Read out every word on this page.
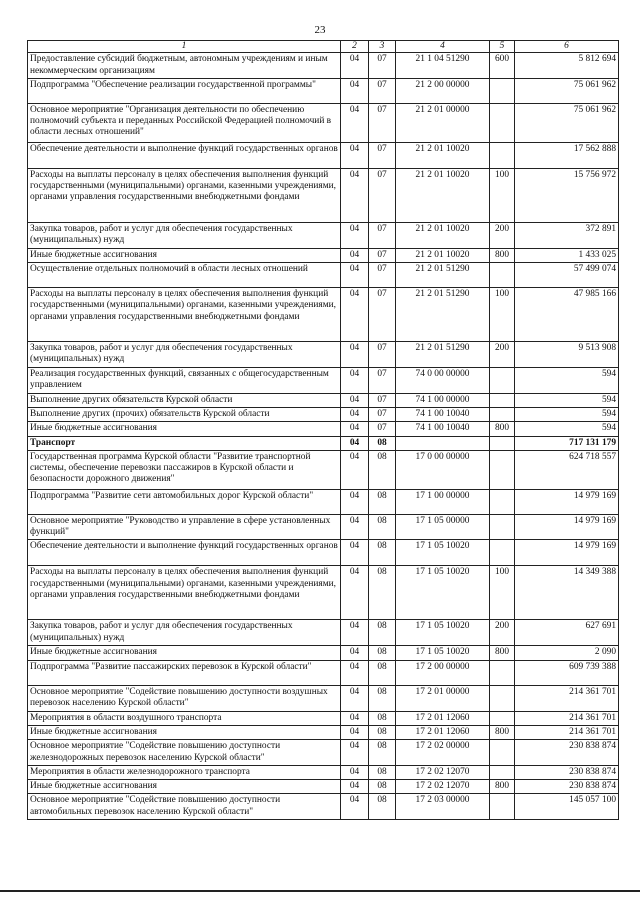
23
1	2	3	4	5	6
Предоставление субсидий бюджетным, автономным учреждениям и иным некоммерческим организациям	04	07	21 1 04 51290	600	5 812 694
Подпрограмма "Обеспечение реализации государственной программы"	04	07	21 2 00 00000		75 061 962
Основное мероприятие "Организация деятельности по обеспечению полномочий субъекта и переданных Российской Федерацией полномочий в области лесных отношений"	04	07	21 2 01 00000		75 061 962
Обеспечение деятельности и выполнение функций государственных органов	04	07	21 2 01 10020		17 562 888
Расходы на выплаты персоналу в целях обеспечения выполнения функций государственными (муниципальными) органами, казенными учреждениями, органами управления государственными внебюджетными фондами	04	07	21 2 01 10020	100	15 756 972
Закупка товаров, работ и услуг для обеспечения государственных (муниципальных) нужд	04	07	21 2 01 10020	200	372 891
Иные бюджетные ассигнования	04	07	21 2 01 10020	800	1 433 025
Осуществление отдельных полномочий в области лесных отношений	04	07	21 2 01 51290		57 499 074
Расходы на выплаты персоналу в целях обеспечения выполнения функций государственными (муниципальными) органами, казенными учреждениями, органами управления государственными внебюджетными фондами	04	07	21 2 01 51290	100	47 985 166
Закупка товаров, работ и услуг для обеспечения государственных (муниципальных) нужд	04	07	21 2 01 51290	200	9 513 908
Реализация государственных функций, связанных с общегосударственным управлением	04	07	74 0 00 00000		594
Выполнение других обязательств Курской области	04	07	74 1 00 00000		594
Выполнение других (прочих) обязательств Курской области	04	07	74 1 00 10040		594
Иные бюджетные ассигнования	04	07	74 1 00 10040	800	594
Транспорт	04	08			717 131 179
Государственная программа Курской области "Развитие транспортной системы, обеспечение перевозки пассажиров в Курской области и безопасности дорожного движения"	04	08	17 0 00 00000		624 718 557
Подпрограмма "Развитие сети автомобильных дорог Курской области"	04	08	17 1 00 00000		14 979 169
Основное мероприятие "Руководство и управление в сфере установленных функций"	04	08	17 1 05 00000		14 979 169
Обеспечение деятельности и выполнение функций государственных органов	04	08	17 1 05 10020		14 979 169
Расходы на выплаты персоналу в целях обеспечения выполнения функций государственными (муниципальными) органами, казенными учреждениями, органами управления государственными внебюджетными фондами	04	08	17 1 05 10020	100	14 349 388
Закупка товаров, работ и услуг для обеспечения государственных (муниципальных) нужд	04	08	17 1 05 10020	200	627 691
Иные бюджетные ассигнования	04	08	17 1 05 10020	800	2 090
Подпрограмма "Развитие пассажирских перевозок в Курской области"	04	08	17 2 00 00000		609 739 388
Основное мероприятие "Содействие повышению доступности воздушных перевозок населению Курской области"	04	08	17 2 01 00000		214 361 701
Мероприятия в области воздушного транспорта	04	08	17 2 01 12060		214 361 701
Иные бюджетные ассигнования	04	08	17 2 01 12060	800	214 361 701
Основное мероприятие "Содействие повышению доступности железнодорожных перевозок населению Курской области"	04	08	17 2 02 00000		230 838 874
Мероприятия в области железнодорожного транспорта	04	08	17 2 02 12070		230 838 874
Иные бюджетные ассигнования	04	08	17 2 02 12070	800	230 838 874
Основное мероприятие "Содействие повышению доступности автомобильных перевозок населению Курской области"	04	08	17 2 03 00000		145 057 100
